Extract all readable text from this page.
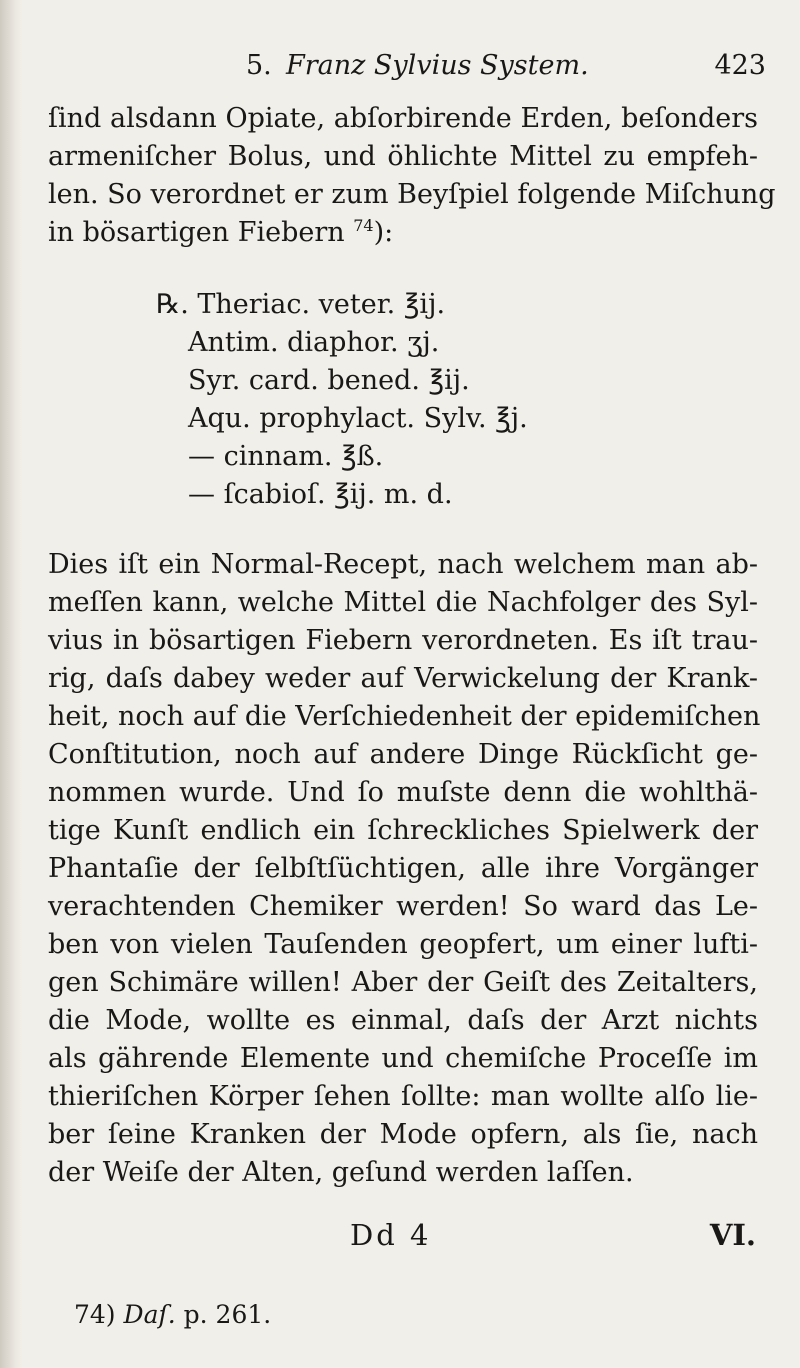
5. Franz Sylvius System.	423
ſind alsdann Opiate, abſorbirende Erden, beſonders
armeniſcher Bolus, und öhlichte Mittel zu empfeh-
len. So verordnet er zum Beyſpiel folgende Miſchung
in bösartigen Fiebern $^{74}$):
℞. Theriac. veter. ℥ij.
Antim. diaphor. ʒj.
Syr. card. bened. ℥ij.
Aqu. prophylact. Sylv. ℥j.
— cinnam. ℥ß.
— ſcabioſ. ℥ij. m. d.
Dies iſt ein Normal-Recept, nach welchem man ab-
meſſen kann, welche Mittel die Nachfolger des Syl-
vius in bösartigen Fiebern verordneten. Es iſt trau-
rig, daſs dabey weder auf Verwickelung der Krank-
heit, noch auf die Verſchiedenheit der epidemiſchen
Conſtitution, noch auf andere Dinge Rückſicht ge-
nommen wurde. Und ſo muſste denn die wohlthä-
tige Kunſt endlich ein ſchreckliches Spielwerk der
Phantaſie der ſelbſtſüchtigen, alle ihre Vorgänger
verachtenden Chemiker werden! So ward das Le-
ben von vielen Tauſenden geopfert, um einer lufti-
gen Schimäre willen! Aber der Geiſt des Zeitalters,
die Mode, wollte es einmal, daſs der Arzt nichts
als gährende Elemente und chemiſche Proceſſe im
thieriſchen Körper ſehen ſollte: man wollte alſo lie-
ber ſeine Kranken der Mode opfern, als ſie, nach
der Weiſe der Alten, geſund werden laſſen.
Dd 4	VI.
74) Daſ. p. 261.
